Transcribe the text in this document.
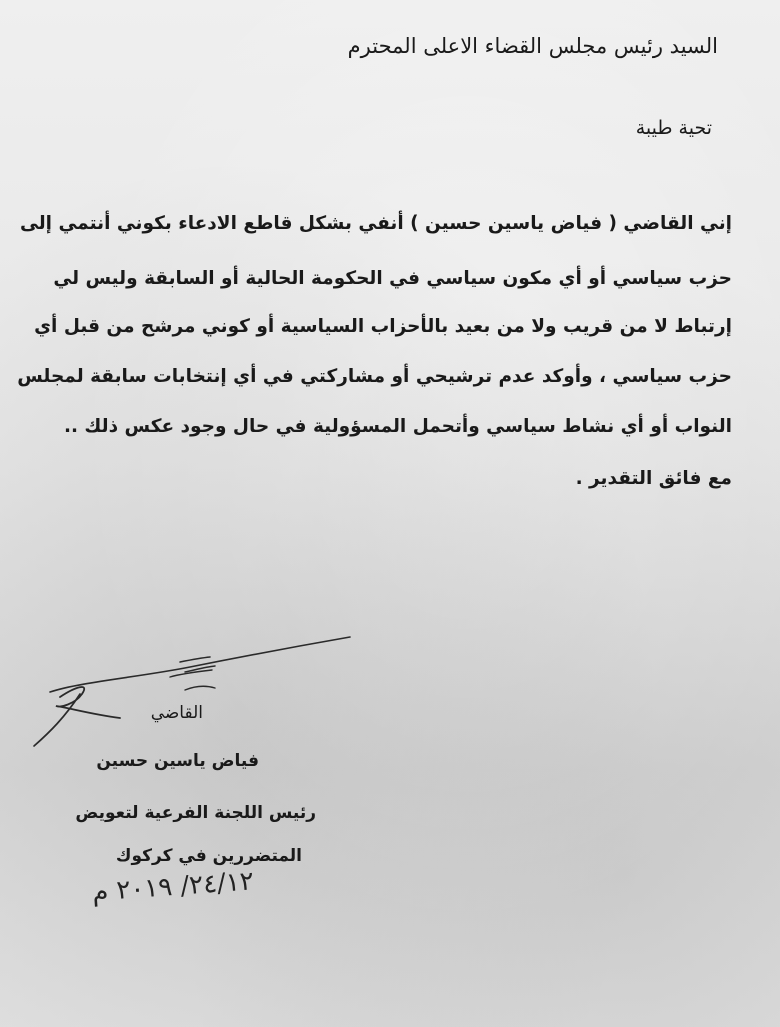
السيد رئيس مجلس القضاء الاعلى المحترم
تحية طيبة
إني القاضي ( فياض ياسين حسين ) أنفي بشكل قاطع الادعاء بكوني أنتمي إلى
حزب سياسي أو أي مكون سياسي في الحكومة الحالية أو السابقة وليس لي
إرتباط لا من قريب ولا من بعيد بالأحزاب السياسية أو كوني مرشح من قبل أي
حزب سياسي ، وأوكد عدم ترشيحي أو مشاركتي في أي إنتخابات سابقة لمجلس
النواب أو أي نشاط سياسي وأتحمل المسؤولية في حال وجود عكس ذلك ..
مع فائق التقدير .
القاضي
فياض ياسين حسين
رئيس اللجنة الفرعية لتعويض
المتضررين في كركوك
٢٤/١٢/ ٢٠١٩ م
